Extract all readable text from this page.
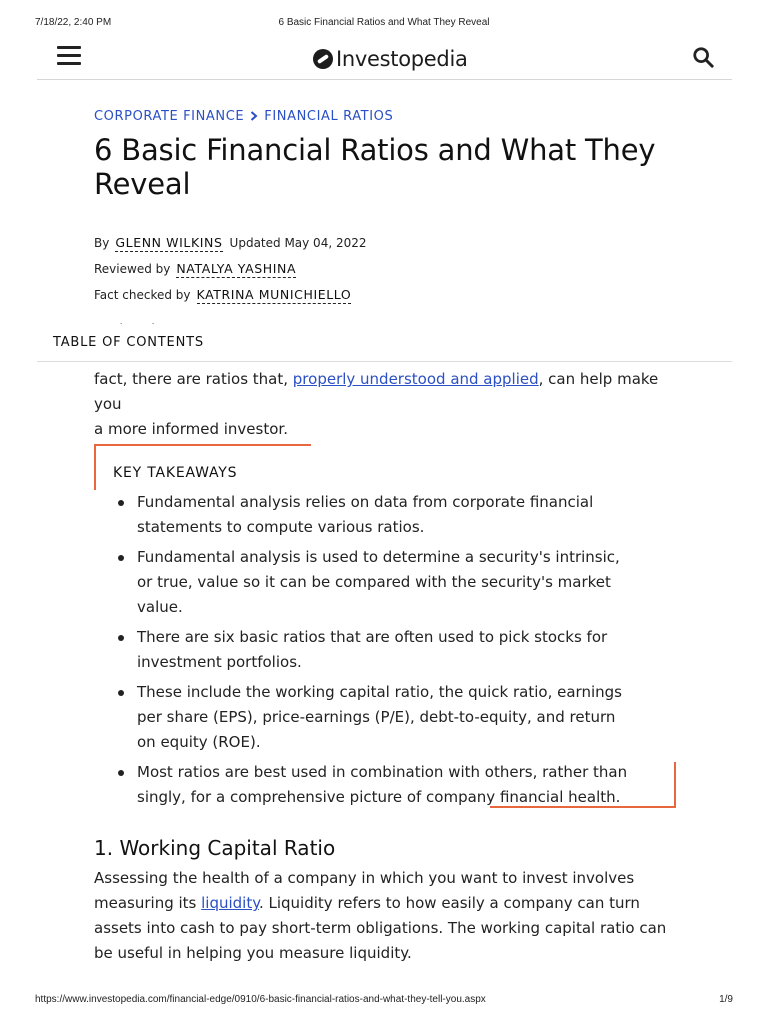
7/18/22, 2:40 PM	6 Basic Financial Ratios and What They Reveal
Investopedia
CORPORATE FINANCE FINANCIAL RATIOS
6 Basic Financial Ratios and What They Reveal
By GLENN WILKINS Updated May 04, 2022
Reviewed by NATALYA YASHINA
Fact checked by KATRINA MUNICHIELLO
TABLE OF CONTENTS

fact, there are ratios that, properly understood and applied, can help make you
a more informed investor.

KEY TAKEAWAYS
Fundamental analysis relies on data from corporate financial statements to compute various ratios.
Fundamental analysis is used to determine a security's intrinsic, or true, value so it can be compared with the security's market value.
There are six basic ratios that are often used to pick stocks for investment portfolios.
These include the working capital ratio, the quick ratio, earnings per share (EPS), price-earnings (P/E), debt-to-equity, and return on equity (ROE).
Most ratios are best used in combination with others, rather than singly, for a comprehensive picture of company financial health.
1. Working Capital Ratio

Assessing the health of a company in which you want to invest involves measuring its liquidity. Liquidity refers to how easily a company can turn assets into cash to pay short-term obligations. The working capital ratio can be useful in helping you measure liquidity.

https://www.investopedia.com/financial-edge/0910/6-basic-financial-ratios-and-what-they-tell-you.aspx	1/9
